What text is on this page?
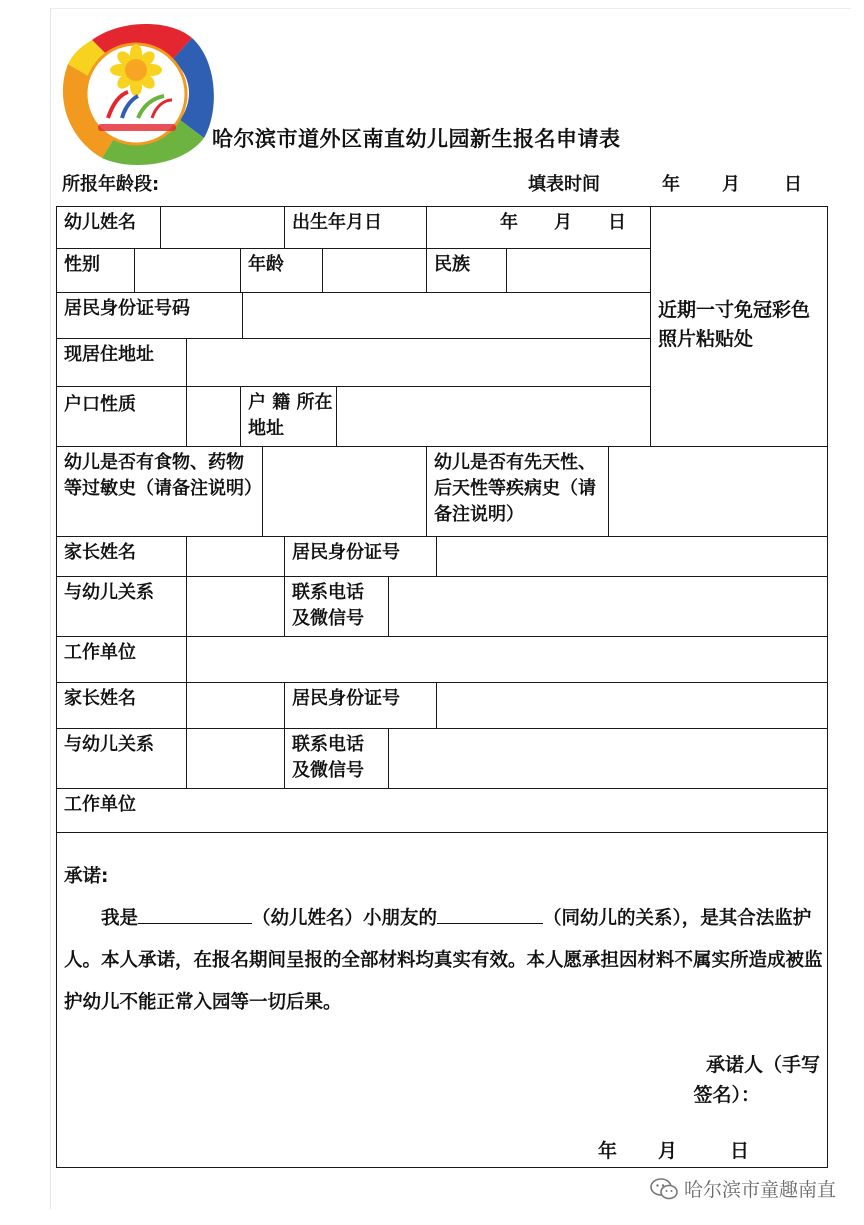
哈尔滨市道外区南直幼儿园新生报名申请表
所报年龄段:	填表时间	年 月 日
幼儿姓名	出生年月日	年 月 日
近期一寸免冠彩色照片粘贴处
性别	年龄	民族
居民身份证号码
现居住地址
户口性质	户 籍 所在地址
幼儿是否有食物、药物等过敏史（请备注说明）
幼儿是否有先天性、后天性等疾病史（请备注说明）
家长姓名	居民身份证号
与幼儿关系	联系电话
及微信号
工作单位
家长姓名	居民身份证号
与幼儿关系	联系电话
及微信号
工作单位
承诺:
我是	（幼儿姓名）小朋友的	（同幼儿的关系），是其合法监护人。本人承诺，在报名期间呈报的全部材料均真实有效。本人愿承担因材料不属实所造成被监护幼儿不能正常入园等一切后果。
承诺人（手写
签名）：
年 月	日
哈尔滨市童趣南直
